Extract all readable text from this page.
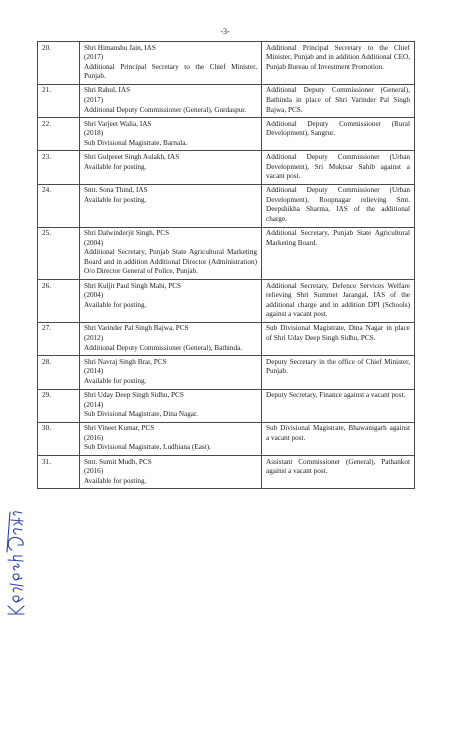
-3-
20.	Shri Himanshu Jain, IAS
(2017)
Additional Principal Secretary to the Chief Minister, Punjab.	Additional Principal Secretary to the Chief Minister, Punjab and in addition Additional CEO, Punjab Bureau of Investment Promotion.
21.	Shri Rahul, IAS
(2017)
Additional Deputy Commissioner (General), Gurdaspur.	Additional Deputy Commissioner (General), Bathinda in place of Shri Varinder Pal Singh Bajwa, PCS.
22.	Shri Varjeet Walia, IAS
(2018)
Sub Divisional Magistrate, Barnala.	Additional Deputy Commissioner (Rural Development), Sangrur.
23.	Shri Gulpreet Singh Aulakh, IAS
Available for posting.	Additional Deputy Commissioner (Urban Development), Sri Muktsar Sahib against a vacant post.
24.	Smt. Sona Thind, IAS
Available for posting.	Additional Deputy Commissioner (Urban Development), Roopnagar relieving Smt. Deepshikha Sharma, IAS of the additional charge.
25.	Shri Dalwinderjit Singh, PCS
(2004)
Additional Secretary, Punjab State Agricultural Marketing Board and in addition Additional Director (Administration) O/o Director General of Police, Punjab.	Additional Secretary, Punjab State Agricultural Marketing Board.
26.	Shri Kuljit Paul Singh Mahi, PCS
(2004)
Available for posting.	Additional Secretary, Defence Services Welfare relieving Shri Summet Jarangal, IAS of the additional charge and in addition DPI (Schools) against a vacant post.
27.	Shri Varinder Pal Singh Bajwa, PCS
(2012)
Additional Deputy Commissioner (General), Bathinda.	Sub Divisional Magistrate, Dina Nagar in place of Shri Uday Deep Singh Sidhu, PCS.
28.	Shri Navraj Singh Brar, PCS
(2014)
Available for posting.	Deputy Secretary in the office of Chief Minister, Punjab.
29.	Shri Uday Deep Singh Sidhu, PCS
(2014)
Sub Divisional Magistrate, Dina Nagar.	Deputy Secretary, Finance against a vacant post.
30.	Shri Vineet Kumar, PCS
(2016)
Sub Divisional Magistrate, Ludhiana (East).	Sub Divisional Magistrate, Bhawanigarh against a vacant post.
31.	Smt. Sumit Mudh, PCS
(2016)
Available for posting.	Assistant Commissioner (General), Pathankot against a vacant post.
